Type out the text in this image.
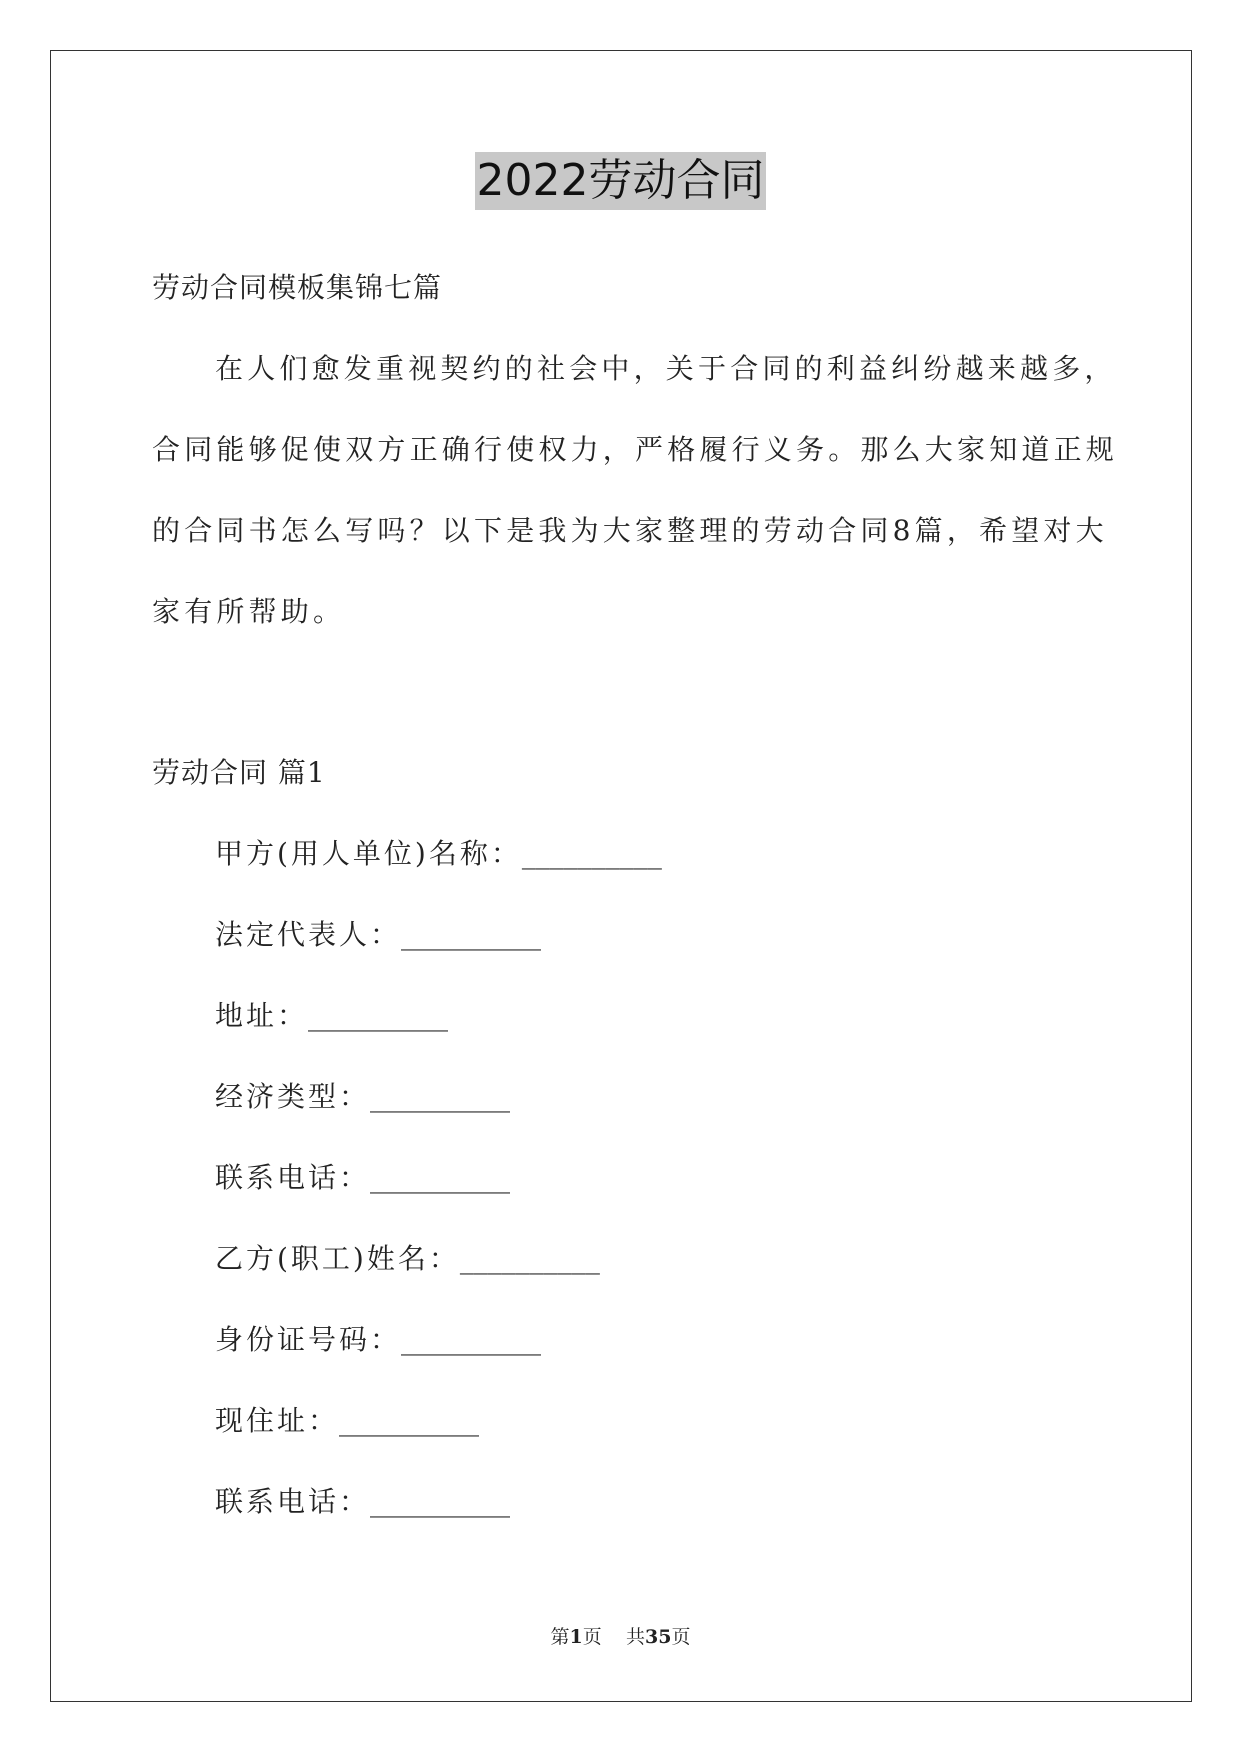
2022劳动合同
劳动合同模板集锦七篇
在人们愈发重视契约的社会中，关于合同的利益纠纷越来越多，
合同能够促使双方正确行使权力，严格履行义务。那么大家知道正规
的合同书怎么写吗？以下是我为大家整理的劳动合同8篇，希望对大
家有所帮助。
劳动合同 篇1
甲方(用人单位)名称：__________
法定代表人：__________
地址：__________
经济类型：__________
联系电话：__________
乙方(职工)姓名：__________
身份证号码：__________
现住址：__________
联系电话：__________
第1页 共35页
